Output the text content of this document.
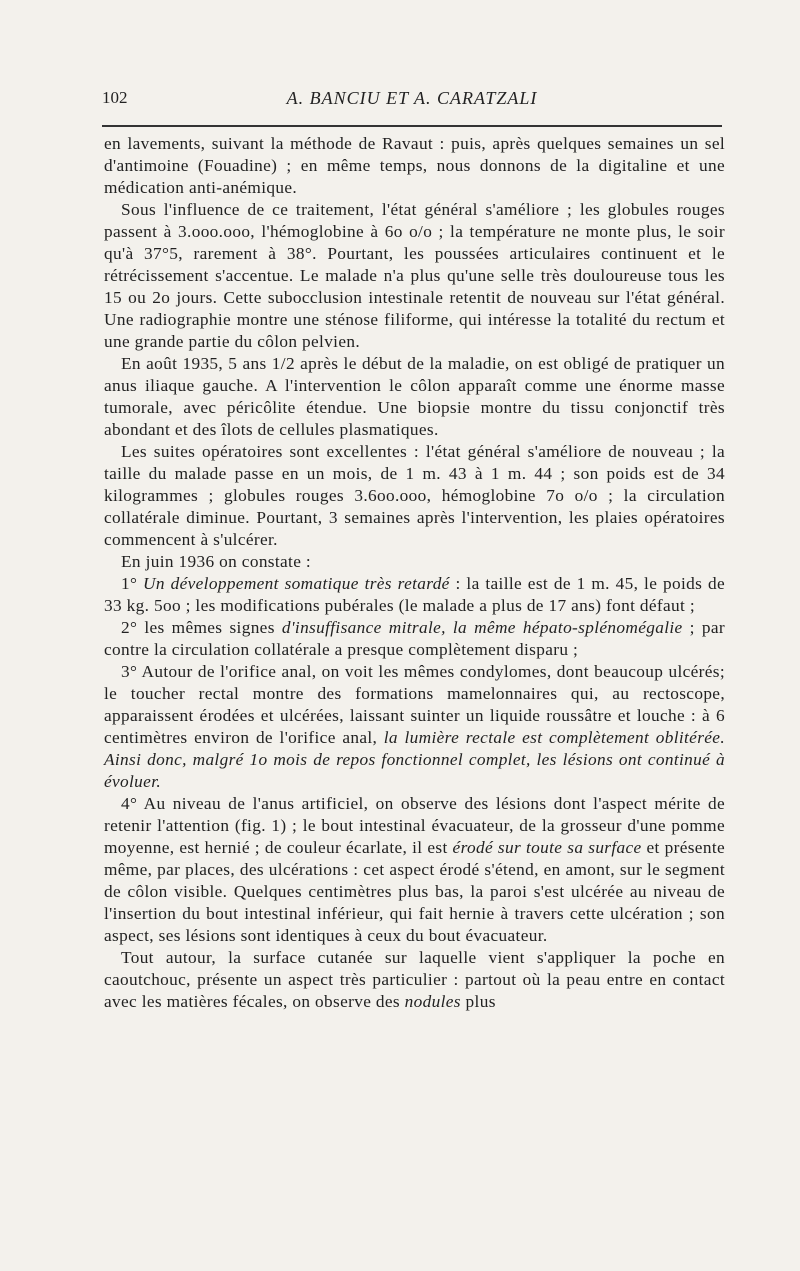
102	A. BANCIU ET A. CARATZALI

en lavements, suivant la méthode de Ravaut : puis, après quelques semaines un sel d'antimoine (Fouadine) ; en même temps, nous donnons de la digitaline et une médication anti-anémique.

Sous l'influence de ce traitement, l'état général s'améliore ; les globules rouges passent à 3.ooo.ooo, l'hémoglobine à 6o o/o ; la température ne monte plus, le soir qu'à 37°5, rarement à 38°. Pourtant, les poussées articulaires continuent et le rétrécissement s'accentue. Le malade n'a plus qu'une selle très douloureuse tous les 15 ou 2o jours. Cette subocclusion intestinale retentit de nouveau sur l'état général. Une radiographie montre une sténose filiforme, qui intéresse la totalité du rectum et une grande partie du côlon pelvien.

En août 1935, 5 ans 1/2 après le début de la maladie, on est obligé de pratiquer un anus iliaque gauche. A l'intervention le côlon apparaît comme une énorme masse tumorale, avec péricôlite étendue. Une biopsie montre du tissu conjonctif très abondant et des îlots de cellules plasmatiques.

Les suites opératoires sont excellentes : l'état général s'améliore de nouveau ; la taille du malade passe en un mois, de 1 m. 43 à 1 m. 44 ; son poids est de 34 kilogrammes ; globules rouges 3.6oo.ooo, hémoglobine 7o o/o ; la circulation collatérale diminue. Pourtant, 3 semaines après l'intervention, les plaies opératoires commencent à s'ulcérer.

En juin 1936 on constate :

1° Un développement somatique très retardé : la taille est de 1 m. 45, le poids de 33 kg. 5oo ; les modifications pubérales (le malade a plus de 17 ans) font défaut ;

2° les mêmes signes d'insuffisance mitrale, la même hépato-splénomégalie ; par contre la circulation collatérale a presque complètement disparu ;

3° Autour de l'orifice anal, on voit les mêmes condylomes, dont beaucoup ulcérés; le toucher rectal montre des formations mamelonnaires qui, au rectoscope, apparaissent érodées et ulcérées, laissant suinter un liquide roussâtre et louche : à 6 centimètres environ de l'orifice anal, la lumière rectale est complètement oblitérée. Ainsi donc, malgré 1o mois de repos fonctionnel complet, les lésions ont continué à évoluer.

4° Au niveau de l'anus artificiel, on observe des lésions dont l'aspect mérite de retenir l'attention (fig. 1) ; le bout intestinal évacuateur, de la grosseur d'une pomme moyenne, est hernié ; de couleur écarlate, il est érodé sur toute sa surface et présente même, par places, des ulcérations : cet aspect érodé s'étend, en amont, sur le segment de côlon visible. Quelques centimètres plus bas, la paroi s'est ulcérée au niveau de l'insertion du bout intestinal inférieur, qui fait hernie à travers cette ulcération ; son aspect, ses lésions sont identiques à ceux du bout évacuateur.

Tout autour, la surface cutanée sur laquelle vient s'appliquer la poche en caoutchouc, présente un aspect très particulier : partout où la peau entre en contact avec les matières fécales, on observe des nodules plus
